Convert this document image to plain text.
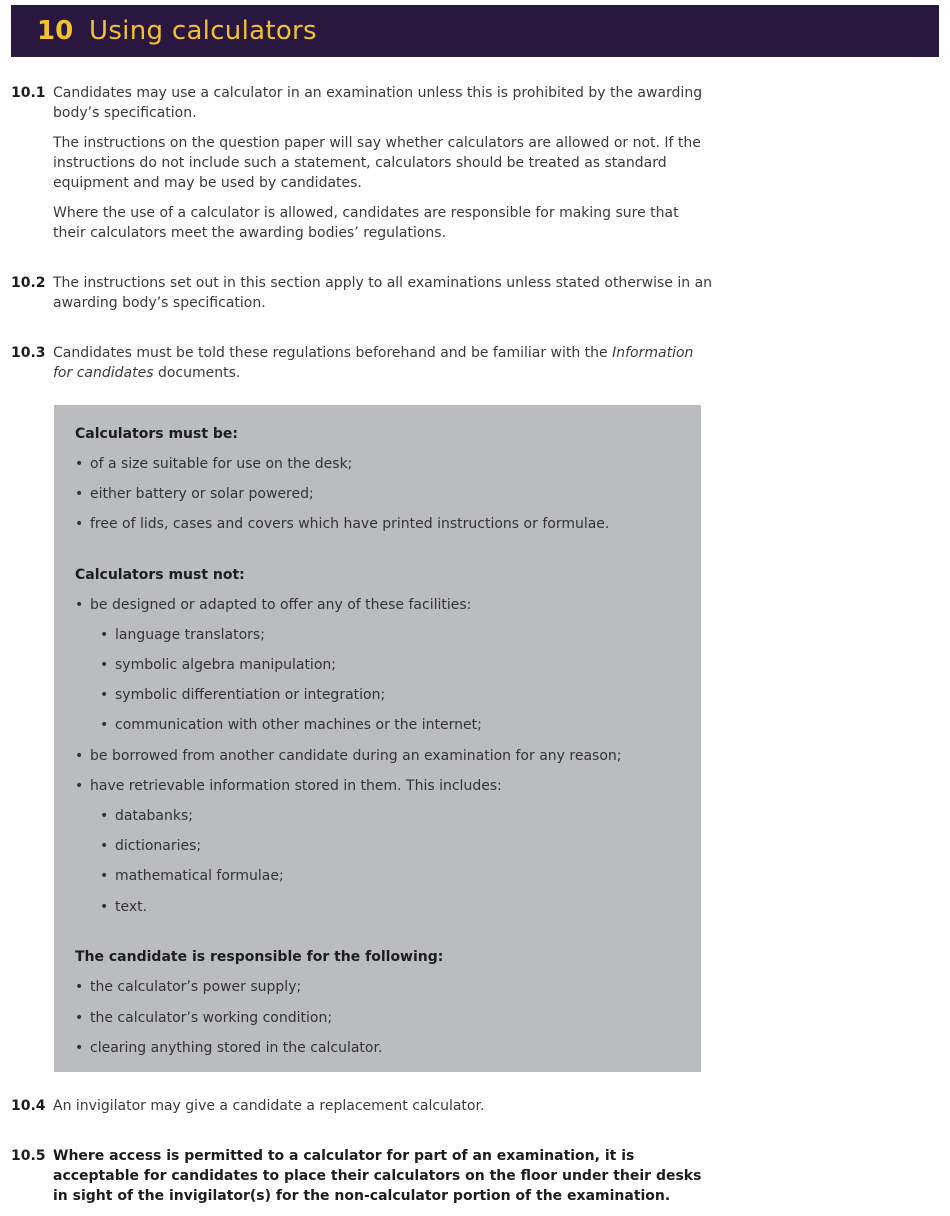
10 Using calculators
10.1 Candidates may use a calculator in an examination unless this is prohibited by the awarding body’s specification.

The instructions on the question paper will say whether calculators are allowed or not. If the instructions do not include such a statement, calculators should be treated as standard equipment and may be used by candidates.

Where the use of a calculator is allowed, candidates are responsible for making sure that their calculators meet the awarding bodies’ regulations.

10.2 The instructions set out in this section apply to all examinations unless stated otherwise in an awarding body’s specification.

10.3 Candidates must be told these regulations beforehand and be familiar with the Information for candidates documents.

Calculators must be:
• of a size suitable for use on the desk;
• either battery or solar powered;
• free of lids, cases and covers which have printed instructions or formulae.
Calculators must not:
• be designed or adapted to offer any of these facilities:
• language translators;
• symbolic algebra manipulation;
• symbolic differentiation or integration;
• communication with other machines or the internet;
• be borrowed from another candidate during an examination for any reason;
• have retrievable information stored in them. This includes:
• databanks;
• dictionaries;
• mathematical formulae;
• text.
The candidate is responsible for the following:
• the calculator’s power supply;
• the calculator’s working condition;
• clearing anything stored in the calculator.
10.4 An invigilator may give a candidate a replacement calculator.

10.5 Where access is permitted to a calculator for part of an examination, it is acceptable for candidates to place their calculators on the floor under their desks in sight of the invigilator(s) for the non-calculator portion of the examination.
